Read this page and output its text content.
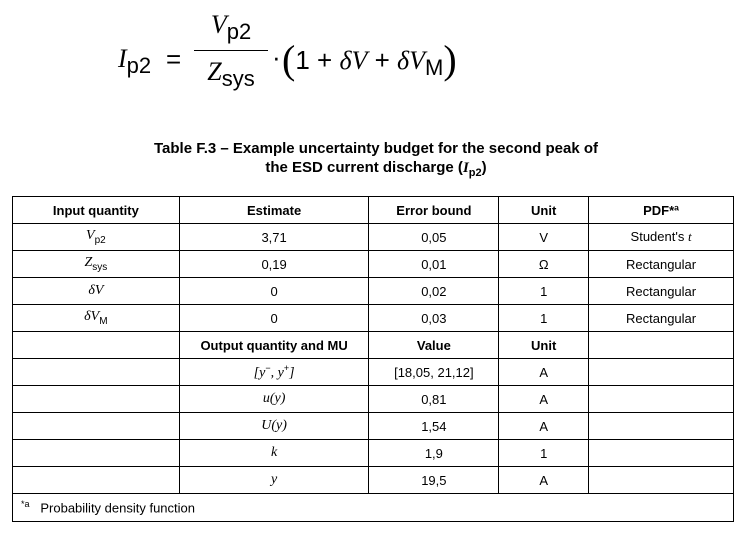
Ip2 =
Vp2
Zsys
· (1 + δV + δVM)
Table F.3 – Example uncertainty budget for the second peak of
the ESD current discharge $(I_{p2})$
Input quantity	Estimate	Error bound	Unit	PDF*ª
$V_{p2}$	3,71	0,05	V	Student's t
$Z_{sys}$	0,19	0,01	Ω	Rectangular
δV	0	0,02	1	Rectangular
$\delta V_M$	0	0,03	1	Rectangular
	Output quantity and MU	Value	Unit	
	[y−, y+]	[18,05, 21,12]	A	
	u(y)	0,81	A	
	U(y)	1,54	A	
	k	1,9	1	
	y	19,5	A	
$^{*a}$ Probability density function				
